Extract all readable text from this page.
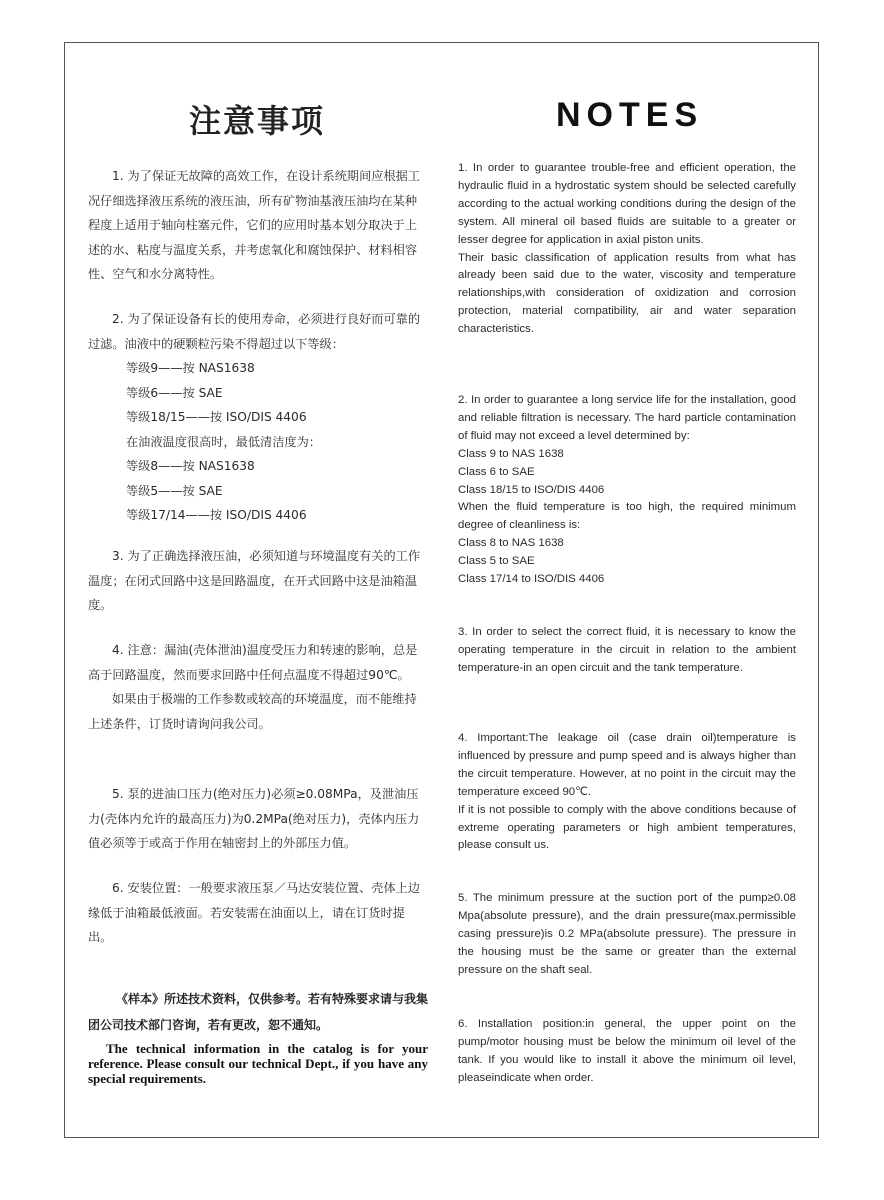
注意事项	NOTES

1. 为了保证无故障的高效工作，在设计系统期间应根据工况仔细选择液压系统的液压油，所有矿物油基液压油均在某种程度上适用于轴向柱塞元件，它们的应用时基本划分取决于上述的水、粘度与温度关系，并考虑氧化和腐蚀保护、材料相容性、空气和水分离特性。

2. 为了保证设备有长的使用寿命，必须进行良好而可靠的过滤。油液中的硬颗粒污染不得超过以下等级：

等级9——按 NAS1638

等级6——按 SAE

等级18/15——按 ISO/DIS 4406

在油液温度很高时，最低清洁度为：

等级8——按 NAS1638

等级5——按 SAE

等级17/14——按 ISO/DIS 4406

3. 为了正确选择液压油，必须知道与环境温度有关的工作温度；在闭式回路中这是回路温度，在开式回路中这是油箱温度。

4. 注意：漏油(壳体泄油)温度受压力和转速的影响，总是高于回路温度，然而要求回路中任何点温度不得超过90℃。

如果由于极端的工作参数或较高的环境温度，而不能维持上述条件，订货时请询问我公司。

5. 泵的进油口压力(绝对压力)必须≥0.08MPa，及泄油压力(壳体内允许的最高压力)为0.2MPa(绝对压力)，壳体内压力值必须等于或高于作用在轴密封上的外部压力值。

6. 安装位置：一般要求液压泵／马达安装位置、壳体上边缘低于油箱最低液面。若安装需在油面以上，请在订货时提出。

《样本》所述技术资料，仅供参考。若有特殊要求请与我集团公司技术部门咨询，若有更改，恕不通知。

The technical information in the catalog is for your reference. Please consult our technical Dept., if you have any special requirements.

1. In order to guarantee trouble-free and efficient operation, the hydraulic fluid in a hydrostatic system should be selected carefully according to the actual working conditions during the design of the system. All mineral oil based fluids are suitable to a greater or lesser degree for application in axial piston units.

Their basic classification of application results from what has already been said due to the water, viscosity and temperature relationships,with consideration of oxidization and corrosion protection, material compatibility, air and water separation characteristics.

2. In order to guarantee a long service life for the installation, good and reliable filtration is necessary. The hard particle contamination of fluid may not exceed a level determined by:

Class 9 to NAS 1638

Class 6 to SAE

Class 18/15 to ISO/DIS 4406

When the fluid temperature is too high, the required minimum degree of cleanliness is:

Class 8 to NAS 1638

Class 5 to SAE

Class 17/14 to ISO/DIS 4406

3. In order to select the correct fluid, it is necessary to know the operating temperature in the circuit in relation to the ambient temperature-in an open circuit and the tank temperature.

4. Important:The leakage oil (case drain oil)temperature is influenced by pressure and pump speed and is always higher than the circuit temperature. However, at no point in the circuit may the temperature exceed 90℃.

If it is not possible to comply with the above conditions because of extreme operating parameters or high ambient temperatures, please consult us.

5. The minimum pressure at the suction port of the pump≥0.08 Mpa(absolute pressure), and the drain pressure(max.permissible casing pressure)is 0.2 MPa(absolute pressure). The pressure in the housing must be the same or greater than the external pressure on the shaft seal.

6. Installation position:in general, the upper point on the pump/motor housing must be below the minimum oil level of the tank. If you would like to install it above the minimum oil level, pleaseindicate when order.
